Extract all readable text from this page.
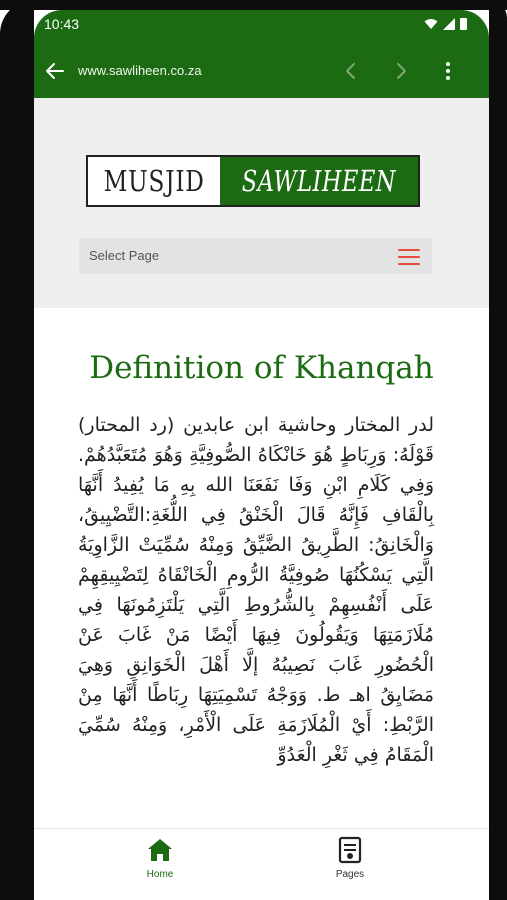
10:43
www.sawliheen.co.za
MUSJID SAWLIHEEN
Select Page
Definition of Khanqah
لدر المختار وحاشية ابن عابدين (رد المحتار) قَوْلَهُ: وَرِبَاطٍ هُوَ خَانْكَاهُ الصُّوفِيَّةِ وَهُوَ مُتَعَبَّدُهُمْ. وَفِي كَلَامِ ابْنِ وَفَا نَفَعَنَا الله بِهِ مَا يُفِيدُ أَنَّهَا بِالْقَافِ فَإِنَّهُ قَالَ الْخَنْقُ فِي اللُّغَةِ:التَّضْيِيقُ، وَالْخَانِقُ: الطَّرِيقُ الضَّيِّقُ وَمِنْهُ سُمِّيَتْ الزَّاوِيَةُ الَّتِي يَسْكُنُهَا صُوفِيَّةُ الرُّومِ الْخَانْقَاهُ لِتَضْيِيقِهِمْ عَلَى أَنْفُسِهِمْ بِالشُّرُوطِ الَّتِي يَلْتَزِمُونَهَا فِي مُلَازَمَتِهَا وَيَقُولُونَ فِيهَا أَيْضًا مَنْ غَابَ عَنْ الْحُضُورِ غَابَ نَصِيبُهُ إلَّا أَهْلَ الْخَوَانِقِ وَهِيَ مَضَايِقُ اهـ ط. وَوَجْهُ تَسْمِيَتِهَا رِبَاطًا أَنَّهَا مِنْ الرَّبْطِ: أَيْ الْمُلَازَمَةِ عَلَى الْأَمْرِ، وَمِنْهُ سُمِّيَ الْمَقَامُ فِي ثَغْرِ الْعَدُوِّ
Home	Pages
